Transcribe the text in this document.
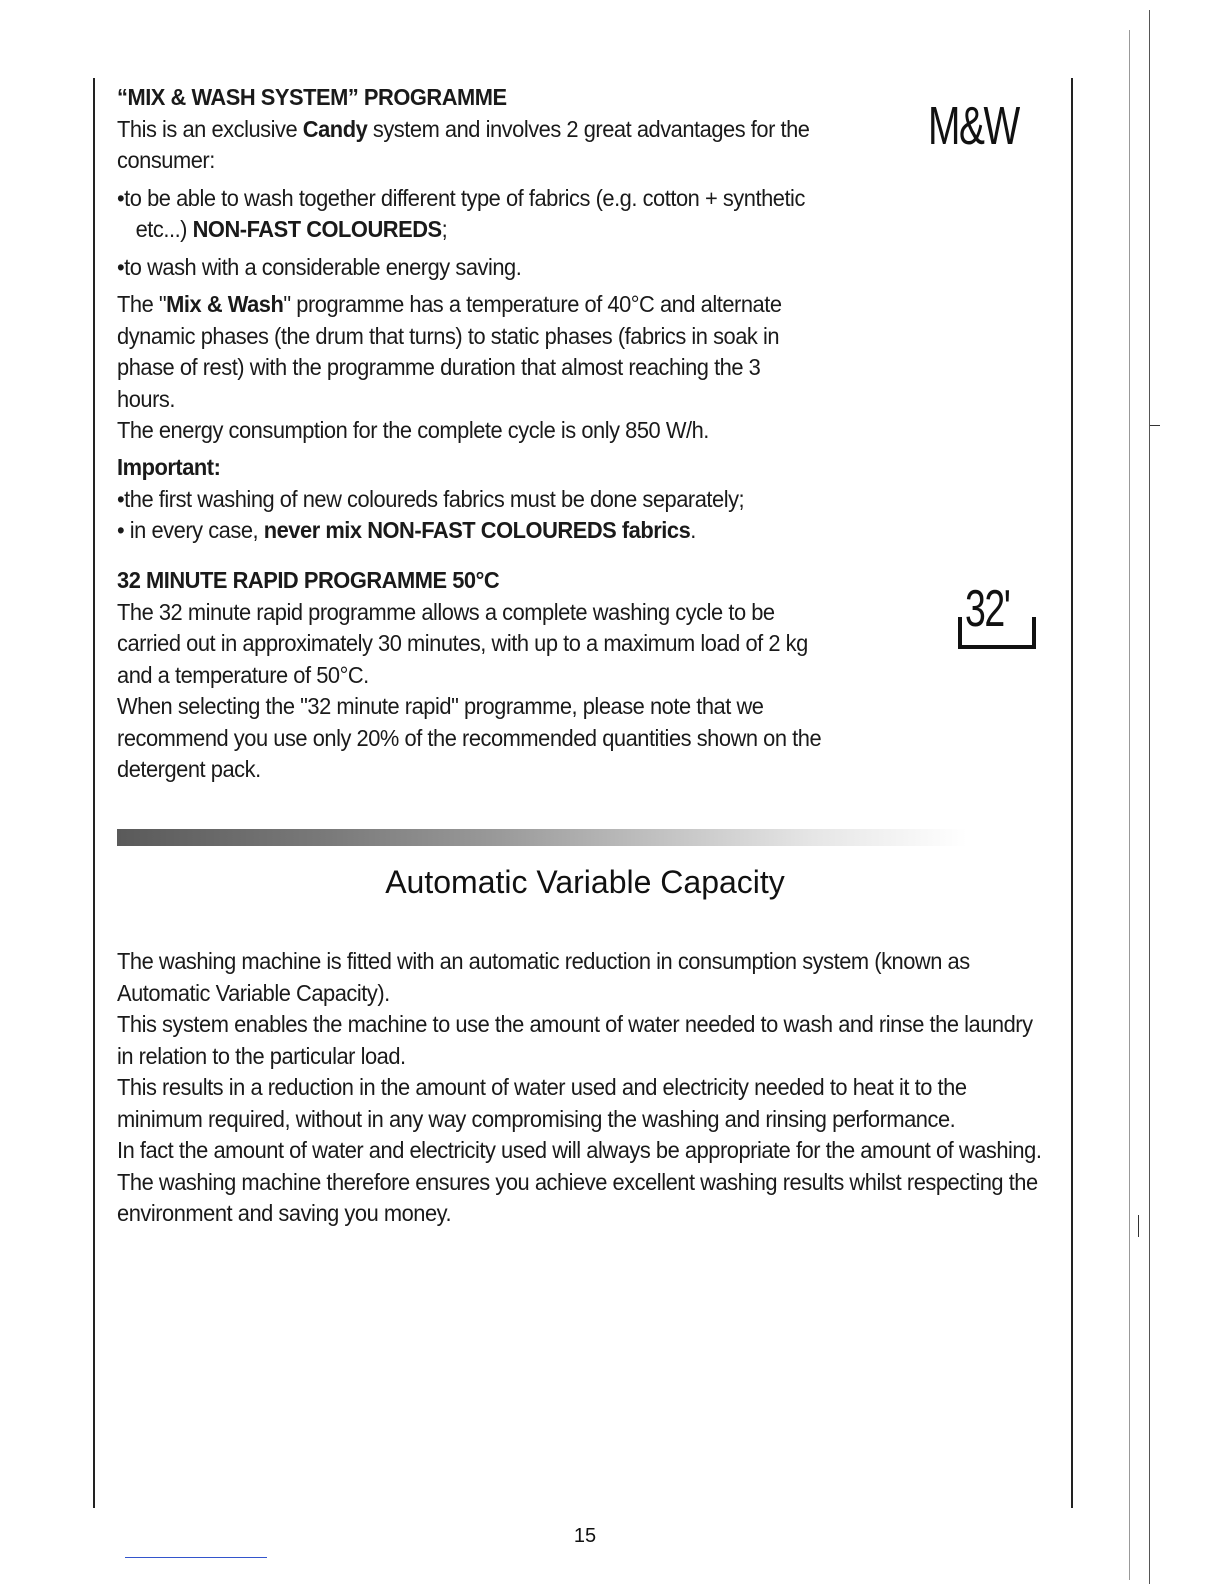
“MIX & WASH SYSTEM” PROGRAMME

This is an exclusive Candy system and involves 2 great advantages for the consumer:

•to be able to wash together different type of fabrics (e.g. cotton + synthetic

etc...) NON-FAST COLOUREDS;

•to wash with a considerable energy saving.

The "Mix & Wash" programme has a temperature of 40°C and alternate dynamic phases (the drum that turns) to static phases (fabrics in soak in phase of rest) with the programme duration that almost reaching the 3 hours.

The energy consumption for the complete cycle is only 850 W/h.

M&W

Important:

•the first washing of new coloureds fabrics must be done separately;

• in every case, never mix NON-FAST COLOUREDS fabrics.

32 MINUTE RAPID PROGRAMME 50°C

The 32 minute rapid programme allows a complete washing cycle to be carried out in approximately 30 minutes, with up to a maximum load of 2 kg and a temperature of 50°C.

When selecting the "32 minute rapid" programme, please note that we recommend you use only 20% of the recommended quantities shown on the detergent pack.

32'
Automatic Variable Capacity

The washing machine is fitted with an automatic reduction in consumption system (known as Automatic Variable Capacity).

This system enables the machine to use the amount of water needed to wash and rinse the laundry in relation to the particular load.

This results in a reduction in the amount of water used and electricity needed to heat it to the minimum required, without in any way compromising the washing and rinsing performance.

In fact the amount of water and electricity used will always be appropriate for the amount of washing.

The washing machine therefore ensures you achieve excellent washing results whilst respecting the environment and saving you money.

15
